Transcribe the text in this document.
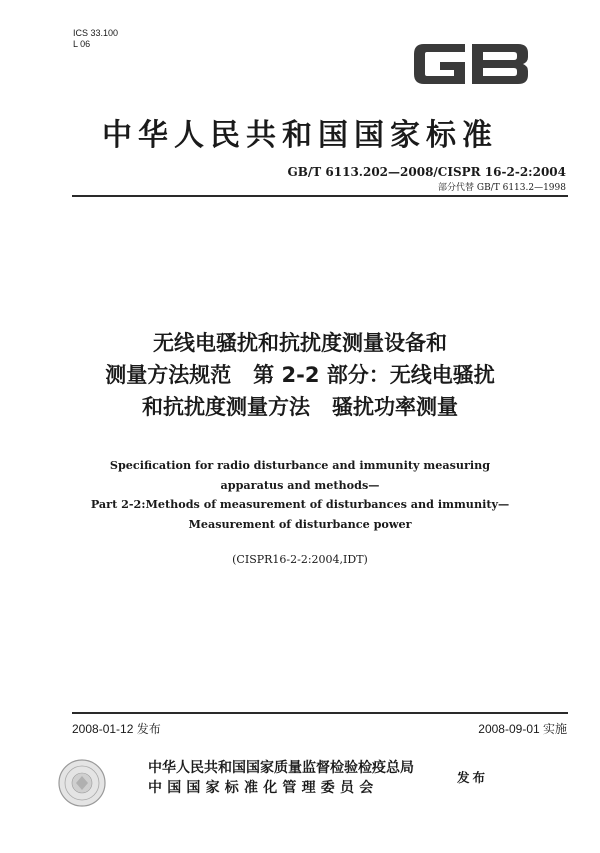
ICS 33.100
L 06
GB
中华人民共和国国家标准
GB/T 6113.202—2008/CISPR 16-2-2:2004
部分代替 GB/T 6113.2—1998
无线电骚扰和抗扰度测量设备和
测量方法规范   第 2-2 部分：无线电骚扰
和抗扰度测量方法   骚扰功率测量
Specification for radio disturbance and immunity measuring
apparatus and methods—
Part 2-2:Methods of measurement of disturbances and immunity—
Measurement of disturbance power
(CISPR16-2-2:2004,IDT)
2008-01-12 发布	2008-09-01 实施
中华人民共和国国家质量监督检验检疫总局
中国国家标准化管理委员会
发布
